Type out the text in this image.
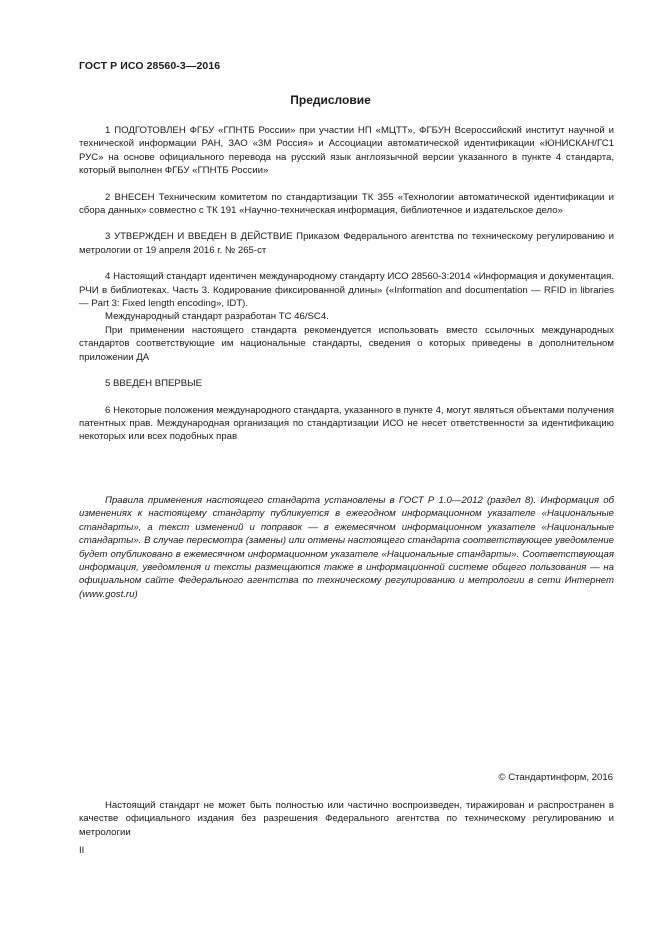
ГОСТ Р ИСО 28560-3—2016
Предисловие

1 ПОДГОТОВЛЕН ФГБУ «ГПНТБ России» при участии НП «МЦТТ», ФГБУН Всероссийский институт научной и технической информации РАН, ЗАО «3М Россия» и Ассоциации автоматической идентификации «ЮНИСКАН/ГС1 РУС» на основе официального перевода на русский язык англоязычной версии указанного в пункте 4 стандарта, который выполнен ФГБУ «ГПНТБ России»

2 ВНЕСЕН Техническим комитетом по стандартизации ТК 355 «Технологии автоматической идентификации и сбора данных» совместно с ТК 191 «Научно-техническая информация, библиотечное и издательское дело»

3 УТВЕРЖДЕН И ВВЕДЕН В ДЕЙСТВИЕ Приказом Федерального агентства по техническому регулированию и метрологии от 19 апреля 2016 г. № 265-ст

4 Настоящий стандарт идентичен международному стандарту ИСО 28560-3:2014 «Информация и документация. РЧИ в библиотеках. Часть 3. Кодирование фиксированной длины» («Information and documentation — RFID in libraries — Part 3: Fixed length encoding», IDT).

Международный стандарт разработан ТС 46/SC4.

При применении настоящего стандарта рекомендуется использовать вместо ссылочных международных стандартов соответствующие им национальные стандарты, сведения о которых приведены в дополнительном приложении ДА

5 ВВЕДЕН ВПЕРВЫЕ

6 Некоторые положения международного стандарта, указанного в пункте 4, могут являться объектами получения патентных прав. Международная организация по стандартизации ИСО не несет ответственности за идентификацию некоторых или всех подобных прав

Правила применения настоящего стандарта установлены в ГОСТ Р 1.0—2012 (раздел 8). Информация об изменениях к настоящему стандарту публикуется в ежегодном информационном указателе «Национальные стандарты», а текст изменений и поправок — в ежемесячном информационном указателе «Национальные стандарты». В случае пересмотра (замены) или отмены настоящего стандарта соответствующее уведомление будет опубликовано в ежемесячном информационном указателе «Национальные стандарты». Соответствующая информация, уведомления и тексты размещаются также в информационной системе общего пользования — на официальном сайте Федерального агентства по техническому регулированию и метрологии в сети Интернет (www.gost.ru)
© Стандартинформ, 2016
Настоящий стандарт не может быть полностью или частично воспроизведен, тиражирован и распространен в качестве официального издания без разрешения Федерального агентства по техническому регулированию и метрологии
II
